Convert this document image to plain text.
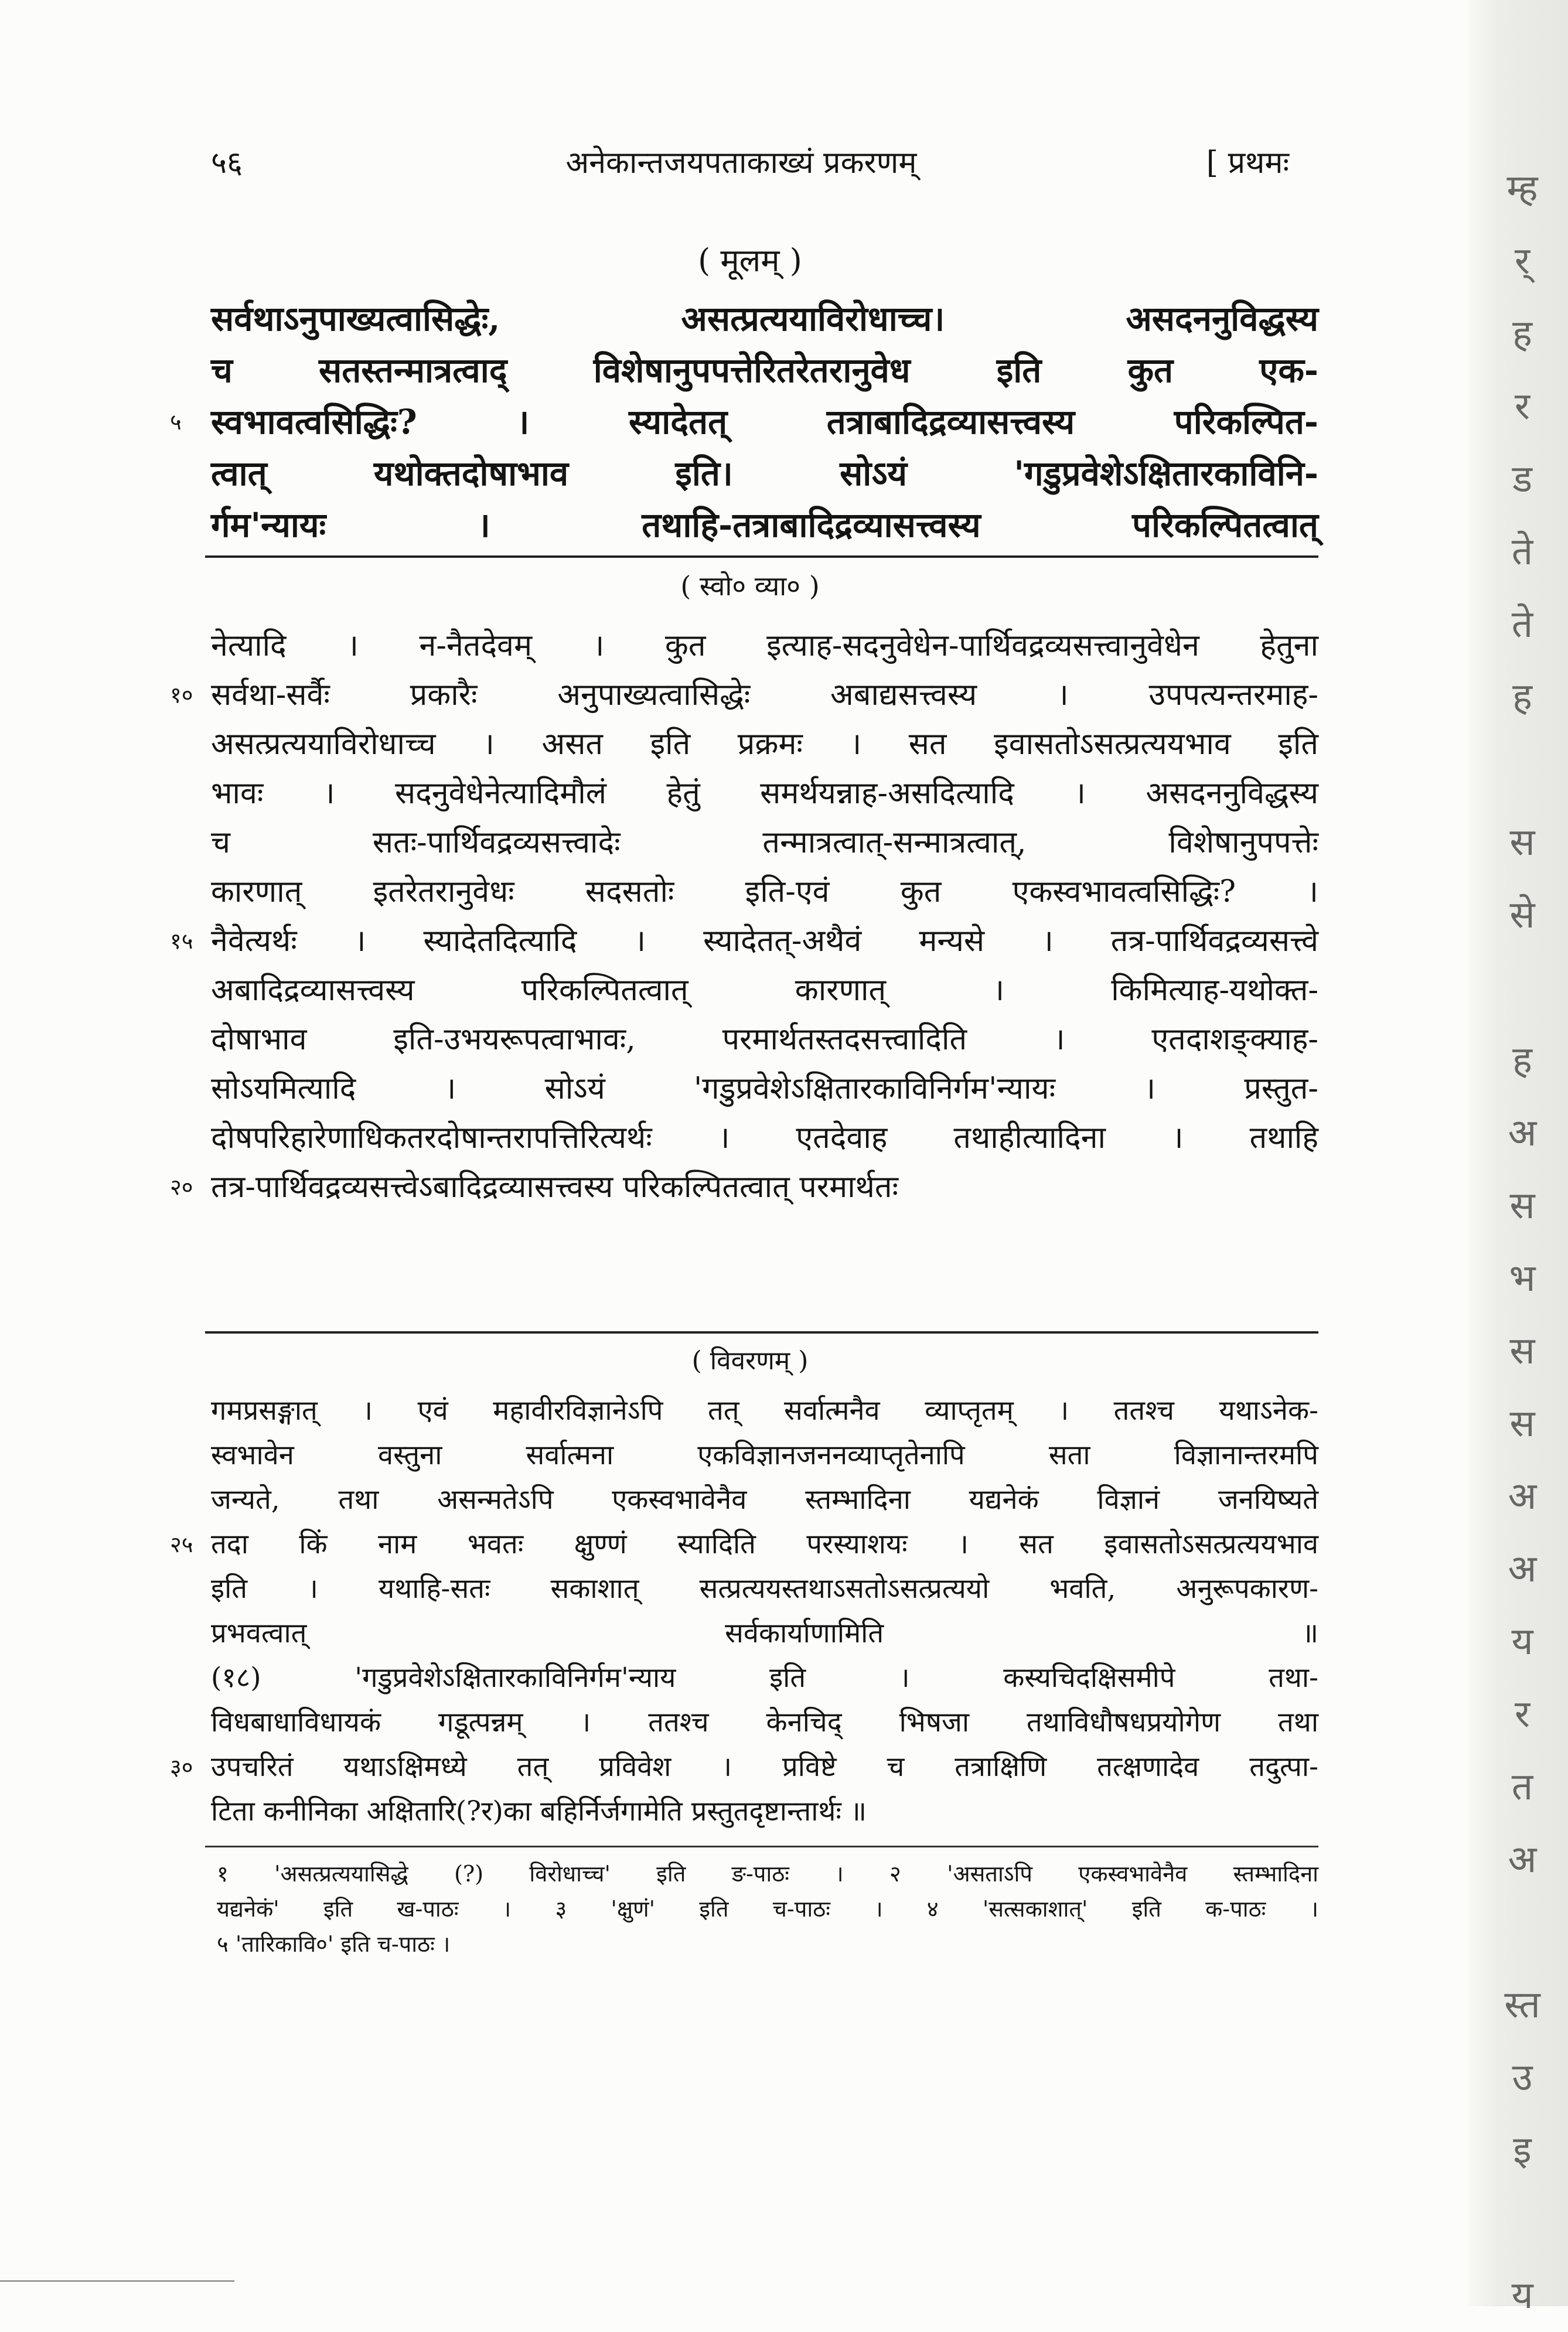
म्ह
र्
ह
र
ड
ते
ते
ह
स
से
ह
अ
स
भ
स
स
अ
अ
य
र
त
अ
स्त
उ
इ
य
५६	अनेकान्तजयपताकाख्यं प्रकरणम्	[ प्रथमः
( मूलम् )
सर्वथाऽनुपाख्यत्वासिद्धेः, असत्प्रत्ययाविरोधाच्च। असदननुविद्धस्य
च सतस्तन्मात्रत्वाद् विशेषानुपपत्तेरितरेतरानुवेध इति कुत एक-
५ स्वभावत्वसिद्धिः? । स्यादेतत् तत्राबादिद्रव्यासत्त्वस्य परिकल्पित-
त्वात् यथोक्तदोषाभाव इति। सोऽयं 'गडुप्रवेशेऽक्षितारकाविनि-
र्गम'न्यायः । तथाहि-तत्राबादिद्रव्यासत्त्वस्य परिकल्पितत्वात्
( स्वो० व्या० )
नेत्यादि । न-नैतदेवम् । कुत इत्याह-सदनुवेधेन-पार्थिवद्रव्यसत्त्वानुवेधेन हेतुना
१० सर्वथा-सर्वैः प्रकारैः अनुपाख्यत्वासिद्धेः अबाद्यसत्त्वस्य । उपपत्यन्तरमाह-
असत्प्रत्ययाविरोधाच्च । असत इति प्रक्रमः । सत इवासतोऽसत्प्रत्ययभाव इति
भावः । सदनुवेधेनेत्यादिमौलं हेतुं समर्थयन्नाह-असदित्यादि । असदननुविद्धस्य
च सतः-पार्थिवद्रव्यसत्त्वादेः तन्मात्रत्वात्-सन्मात्रत्वात्, विशेषानुपपत्तेः
कारणात् इतरेतरानुवेधः सदसतोः इति-एवं कुत एकस्वभावत्वसिद्धिः? ।
१५ नैवेत्यर्थः । स्यादेतदित्यादि । स्यादेतत्-अथैवं मन्यसे । तत्र-पार्थिवद्रव्यसत्त्वे
अबादिद्रव्यासत्त्वस्य परिकल्पितत्वात् कारणात् । किमित्याह-यथोक्त-
दोषाभाव इति-उभयरूपत्वाभावः, परमार्थतस्तदसत्त्वादिति । एतदाशङ्क्याह-
सोऽयमित्यादि । सोऽयं 'गडुप्रवेशेऽक्षितारकाविनिर्गम'न्यायः । प्रस्तुत-
दोषपरिहारेणाधिकतरदोषान्तरापत्तिरित्यर्थः । एतदेवाह तथाहीत्यादिना । तथाहि
२० तत्र-पार्थिवद्रव्यसत्त्वेऽबादिद्रव्यासत्त्वस्य परिकल्पितत्वात् परमार्थतः
( विवरणम् )
गमप्रसङ्गात् । एवं महावीरविज्ञानेऽपि तत् सर्वात्मनैव व्याप्तृतम् । ततश्च यथाऽनेक-
स्वभावेन वस्तुना सर्वात्मना एकविज्ञानजननव्याप्तृतेनापि सता विज्ञानान्तरमपि
जन्यते, तथा असन्मतेऽपि एकस्वभावेनैव स्तम्भादिना यद्यनेकं विज्ञानं जनयिष्यते
२५ तदा किं नाम भवतः क्षुण्णं स्यादिति परस्याशयः । सत इवासतोऽसत्प्रत्ययभाव
इति । यथाहि-सतः सकाशात् सत्प्रत्ययस्तथाऽसतोऽसत्प्रत्ययो भवति, अनुरूपकारण-
प्रभवत्वात् सर्वकार्याणामिति ॥
(१८) 'गडुप्रवेशेऽक्षितारकाविनिर्गम'न्याय इति । कस्यचिदक्षिसमीपे तथा-
विधबाधाविधायकं गडूत्पन्नम् । ततश्च केनचिद् भिषजा तथाविधौषधप्रयोगेण तथा
३० उपचरितं यथाऽक्षिमध्ये तत् प्रविवेश । प्रविष्टे च तत्राक्षिणि तत्क्षणादेव तदुत्पा-
टिता कनीनिका अक्षितारि(?र)का बहिर्निर्जगामेति प्रस्तुतदृष्टान्तार्थः ॥
१ 'असत्प्रत्ययासिद्धे (?) विरोधाच्च' इति ङ-पाठः । २ 'असताऽपि एकस्वभावेनैव स्तम्भादिना
यद्यनेकं' इति ख-पाठः । ३ 'क्षुणं' इति च-पाठः । ४ 'सत्सकाशात्' इति क-पाठः ।
५ 'तारिकावि०' इति च-पाठः ।
